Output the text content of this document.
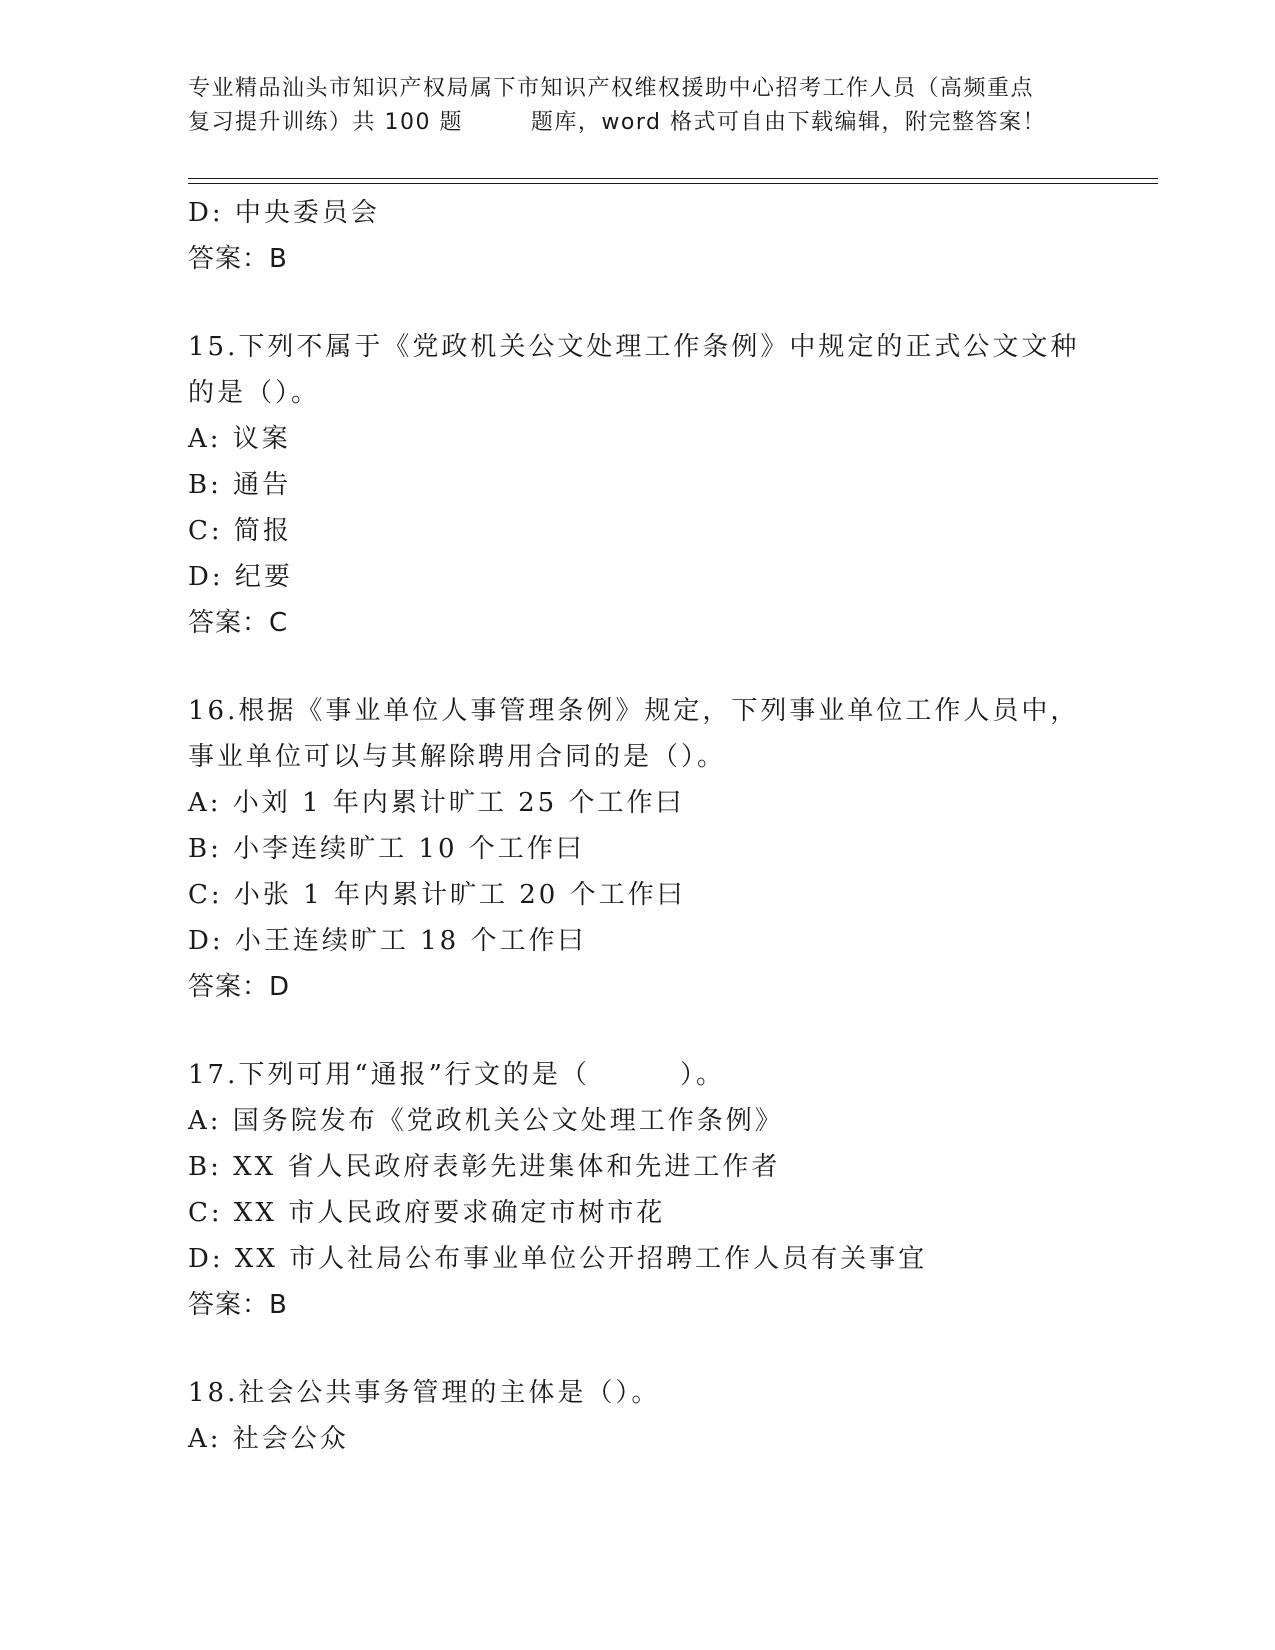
专业精品汕头市知识产权局属下市知识产权维权援助中心招考工作人员（高频重点
复习提升训练）共 100 题        题库，word 格式可自由下载编辑，附完整答案！
D: 中央委员会
答案：B
15.下列不属于《党政机关公文处理工作条例》中规定的正式公文文种
的是（）。
A: 议案
B: 通告
C: 简报
D: 纪要
答案：C
16.根据《事业单位人事管理条例》规定，下列事业单位工作人员中，
事业单位可以与其解除聘用合同的是（）。
A: 小刘 1 年内累计旷工 25 个工作曰
B: 小李连续旷工 10 个工作曰
C: 小张 1 年内累计旷工 20 个工作曰
D: 小王连续旷工 18 个工作曰
答案：D
17.下列可用“通报”行文的是（        ）。
A: 国务院发布《党政机关公文处理工作条例》
B: XX 省人民政府表彰先进集体和先进工作者
C: XX 市人民政府要求确定市树市花
D: XX 市人社局公布事业单位公开招聘工作人员有关事宜
答案：B
18.社会公共事务管理的主体是（）。
A: 社会公众
